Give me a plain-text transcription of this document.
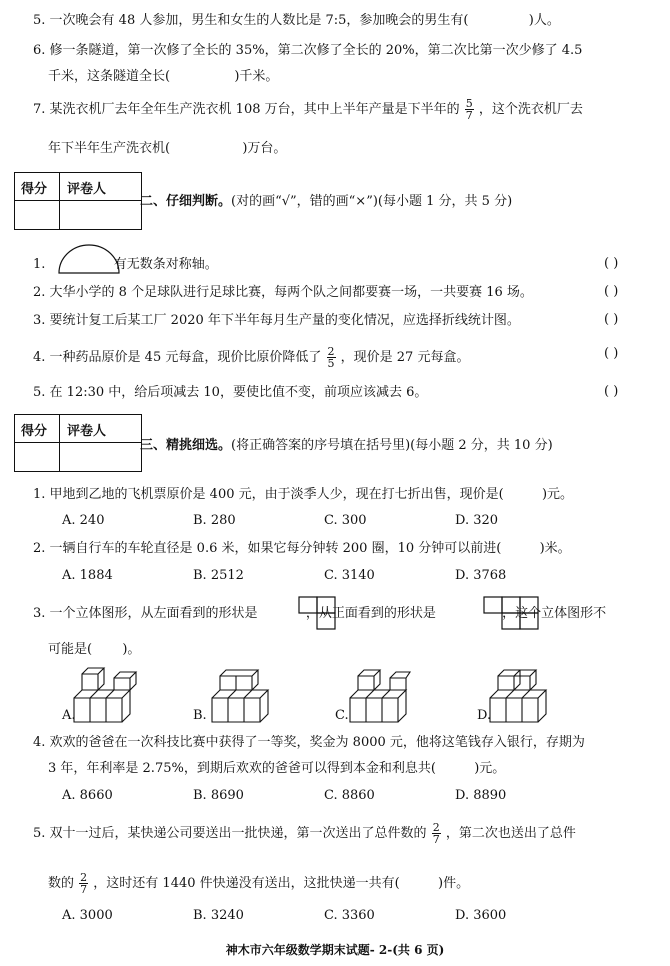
5. 一次晚会有 48 人参加，男生和女生的人数比是 7:5，参加晚会的男生有(	)人。
6. 修一条隧道，第一次修了全长的 35%，第二次修了全长的 20%，第二次比第一次少修了 4.5
千米，这条隧道全长(	)千米。
7. 某洗衣机厂去年全年生产洗衣机 108 万台，其中上半年产量是下半年的 $\frac{5}{7}$ ，这个洗衣机厂去
年下半年生产洗衣机(	)万台。
得分 评卷人
二、仔细判断。(对的画“√”，错的画“×”)(每小题 1 分，共 5 分)
1.	有无数条对称轴。	( )
2. 大华小学的 8 个足球队进行足球比赛，每两个队之间都要赛一场，一共要赛 16 场。	( )
3. 要统计复工后某工厂 2020 年下半年每月生产量的变化情况，应选择折线统计图。	( )
4. 一种药品原价是 45 元每盒，现价比原价降低了 $\frac{2}{5}$ ，现价是 27 元每盒。	( )
5. 在 12:30 中，给后项减去 10，要使比值不变，前项应该减去 6。	( )
得分 评卷人
三、精挑细选。(将正确答案的序号填在括号里)(每小题 2 分，共 10 分)
1. 甲地到乙地的飞机票原价是 400 元，由于淡季人少，现在打七折出售，现价是(	)元。
A. 240	B. 280	C. 300	D. 320
2. 一辆自行车的车轮直径是 0.6 米，如果它每分钟转 200 圈，10 分钟可以前进(	)米。
A. 1884	B. 2512	C. 3140	D. 3768
3. 一个立体图形，从左面看到的形状是	，从正面看到的形状是	，这个立体图形不
可能是( )。
A.	B.	C.	D.
4. 欢欢的爸爸在一次科技比赛中获得了一等奖，奖金为 8000 元，他将这笔钱存入银行，存期为
3 年，年利率是 2.75%，到期后欢欢的爸爸可以得到本金和利息共(	)元。
A. 8660	B. 8690	C. 8860	D. 8890
5. 双十一过后，某快递公司要送出一批快递，第一次送出了总件数的 $\frac{2}{7}$ ，第二次也送出了总件
数的 $\frac{2}{7}$ ，这时还有 1440 件快递没有送出，这批快递一共有(	)件。
A. 3000	B. 3240	C. 3360	D. 3600
神木市六年级数学期末试题- 2-(共 6 页)
